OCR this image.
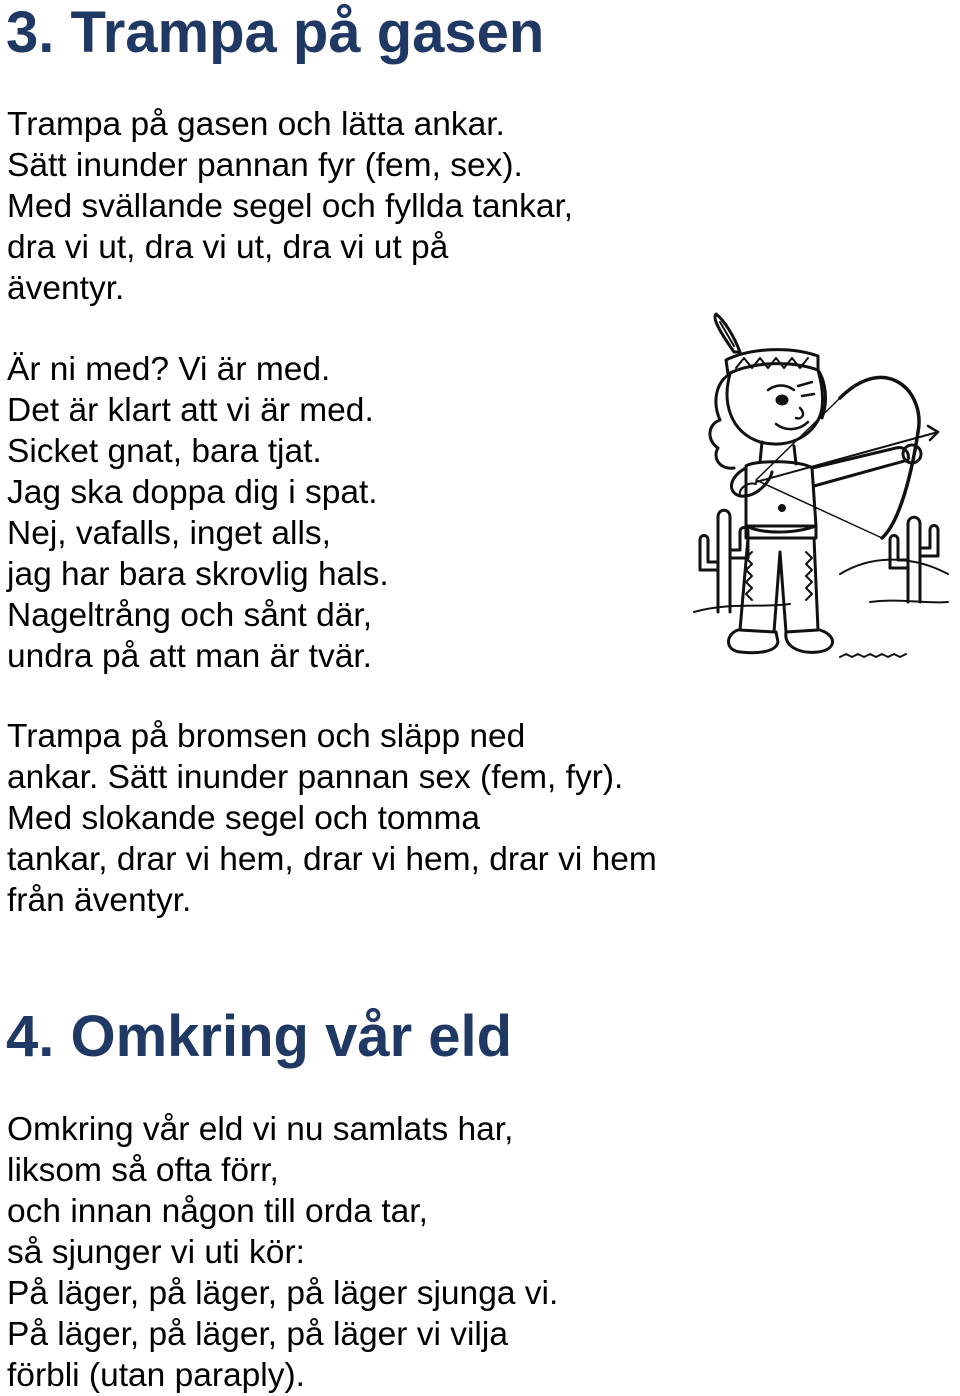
3. Trampa på gasen
Trampa på gasen och lätta ankar.
Sätt inunder pannan fyr (fem, sex).
Med svällande segel och fyllda tankar,
dra vi ut, dra vi ut, dra vi ut på
äventyr.
Är ni med? Vi är med.
Det är klart att vi är med.
Sicket gnat, bara tjat.
Jag ska doppa dig i spat.
Nej, vafalls, inget alls,
jag har bara skrovlig hals.
Nageltrång och sånt där,
undra på att man är tvär.
Trampa på bromsen och släpp ned
ankar. Sätt inunder pannan sex (fem, fyr).
Med slokande segel och tomma
tankar, drar vi hem, drar vi hem, drar vi hem
från äventyr.
4. Omkring vår eld
Omkring vår eld vi nu samlats har,
liksom så ofta förr,
och innan någon till orda tar,
så sjunger vi uti kör:
På läger, på läger, på läger sjunga vi.
På läger, på läger, på läger vi vilja
förbli (utan paraply).
